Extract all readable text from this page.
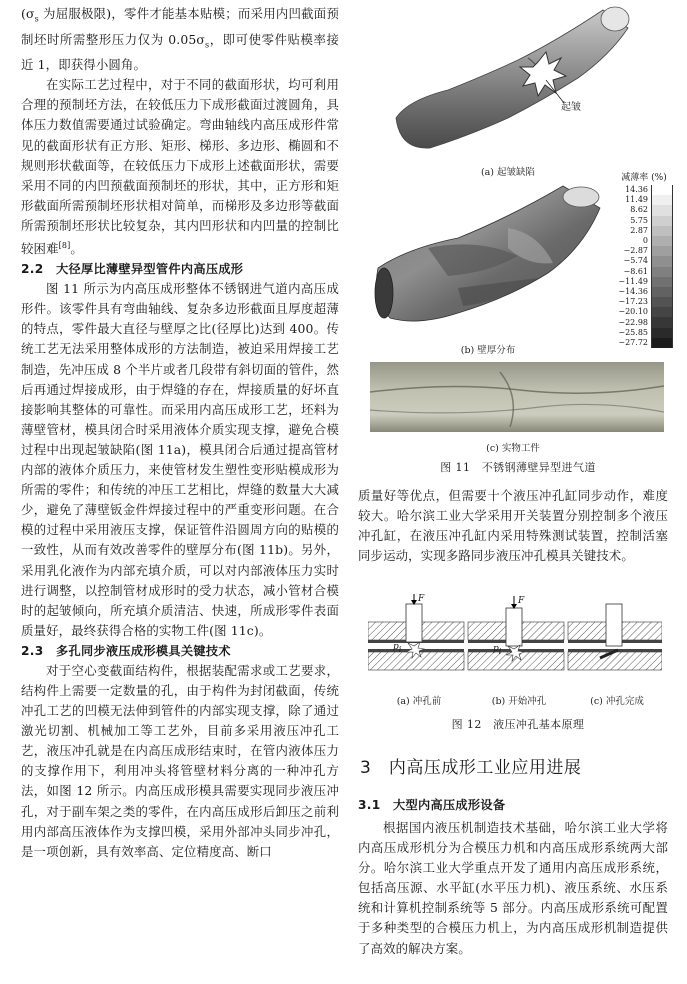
($\sigma_s$ 为屈服极限)，零件才能基本贴模；而采用内凹截面预制坯时所需整形压力仅为 $0.05\sigma_s$，即可使零件贴模率接近 1，即获得小圆角。

在实际工艺过程中，对于不同的截面形状，均可利用合理的预制坯方法，在较低压力下成形截面过渡圆角，具体压力数值需要通过试验确定。弯曲轴线内高压成形件常见的截面形状有正方形、矩形、梯形、多边形、椭圆和不规则形状截面等，在较低压力下成形上述截面形状，需要采用不同的内凹预截面预制坯的形状，其中，正方形和矩形截面所需预制坯形状相对简单，而梯形及多边形等截面所需预制坯形状比较复杂，其内凹形状和内凹量的控制比较困难[8]。

2.2　大径厚比薄壁异型管件内高压成形

图 11 所示为内高压成形整体不锈钢进气道内高压成形件。该零件具有弯曲轴线、复杂多边形截面且厚度超薄的特点，零件最大直径与壁厚之比(径厚比)达到 400。传统工艺无法采用整体成形的方法制造，被迫采用焊接工艺制造，先冲压成 8 个半片或者几段带有斜切面的管件，然后再通过焊接成形，由于焊缝的存在，焊接质量的好坏直接影响其整体的可靠性。而采用内高压成形工艺，坯料为薄壁管材，模具闭合时采用液体介质实现支撑，避免合模过程中出现起皱缺陷(图 11a)，模具闭合后通过提高管材内部的液体介质压力，来使管材发生塑性变形贴模成形为所需的零件；和传统的冲压工艺相比，焊缝的数量大大减少，避免了薄壁钣金件焊接过程中的严重变形问题。在合模的过程中采用液压支撑，保证管件沿圆周方向的贴模的一致性，从而有效改善零件的壁厚分布(图 11b)。另外，采用乳化液作为内部充填介质，可以对内部液体压力实时进行调整，以控制管材成形时的受力状态，减小管材合模时的起皱倾向，所充填介质清洁、快速，所成形零件表面质量好，最终获得合格的实物工件(图 11c)。

2.3　多孔同步液压成形模具关键技术

对于空心变截面结构件，根据装配需求或工艺要求，结构件上需要一定数量的孔，由于构件为封闭截面，传统冲孔工艺的凹模无法伸到管件的内部实现支撑，除了通过激光切割、机械加工等工艺外，目前多采用液压冲孔工艺，液压冲孔就是在内高压成形结束时，在管内液体压力的支撑作用下，利用冲头将管壁材料分离的一种冲孔方法，如图 12 所示。内高压成形模具需要实现同步液压冲孔，对于副车架之类的零件，在内高压成形后卸压之前利用内部高压液体作为支撑凹模，采用外部冲头同步冲孔，是一项创新，具有效率高、定位精度高、断口

起皱
(a) 起皱缺陷	减薄率 (%)
14.36
11.49
8.62
5.75
2.87
0
−2.87
−5.74
−8.61
−11.49
−14.36
−17.23
−20.10
−22.98
−25.85
−27.72
(b) 壁厚分布
(c) 实物工件
图 11　不锈钢薄壁异型进气道

质量好等优点，但需要十个液压冲孔缸同步动作，难度较大。哈尔滨工业大学采用开关装置分别控制多个液压冲孔缸，在液压冲孔缸内采用特殊测试装置，控制活塞同步运动，实现多路同步液压冲孔模具关键技术。

F	F
$p_i$	$p_i$
(a) 冲孔前	(b) 开始冲孔	(c) 冲孔完成
图 12　液压冲孔基本原理
3　内高压成形工业应用进展
3.1　大型内高压成形设备

根据国内液压机制造技术基础，哈尔滨工业大学将内高压成形机分为合模压力机和内高压成形系统两大部分。哈尔滨工业大学重点开发了通用内高压成形系统，包括高压源、水平缸(水平压力机)、液压系统、水压系统和计算机控制系统等 5 部分。内高压成形系统可配置于多种类型的合模压力机上，为内高压成形机制造提供了高效的解决方案。
